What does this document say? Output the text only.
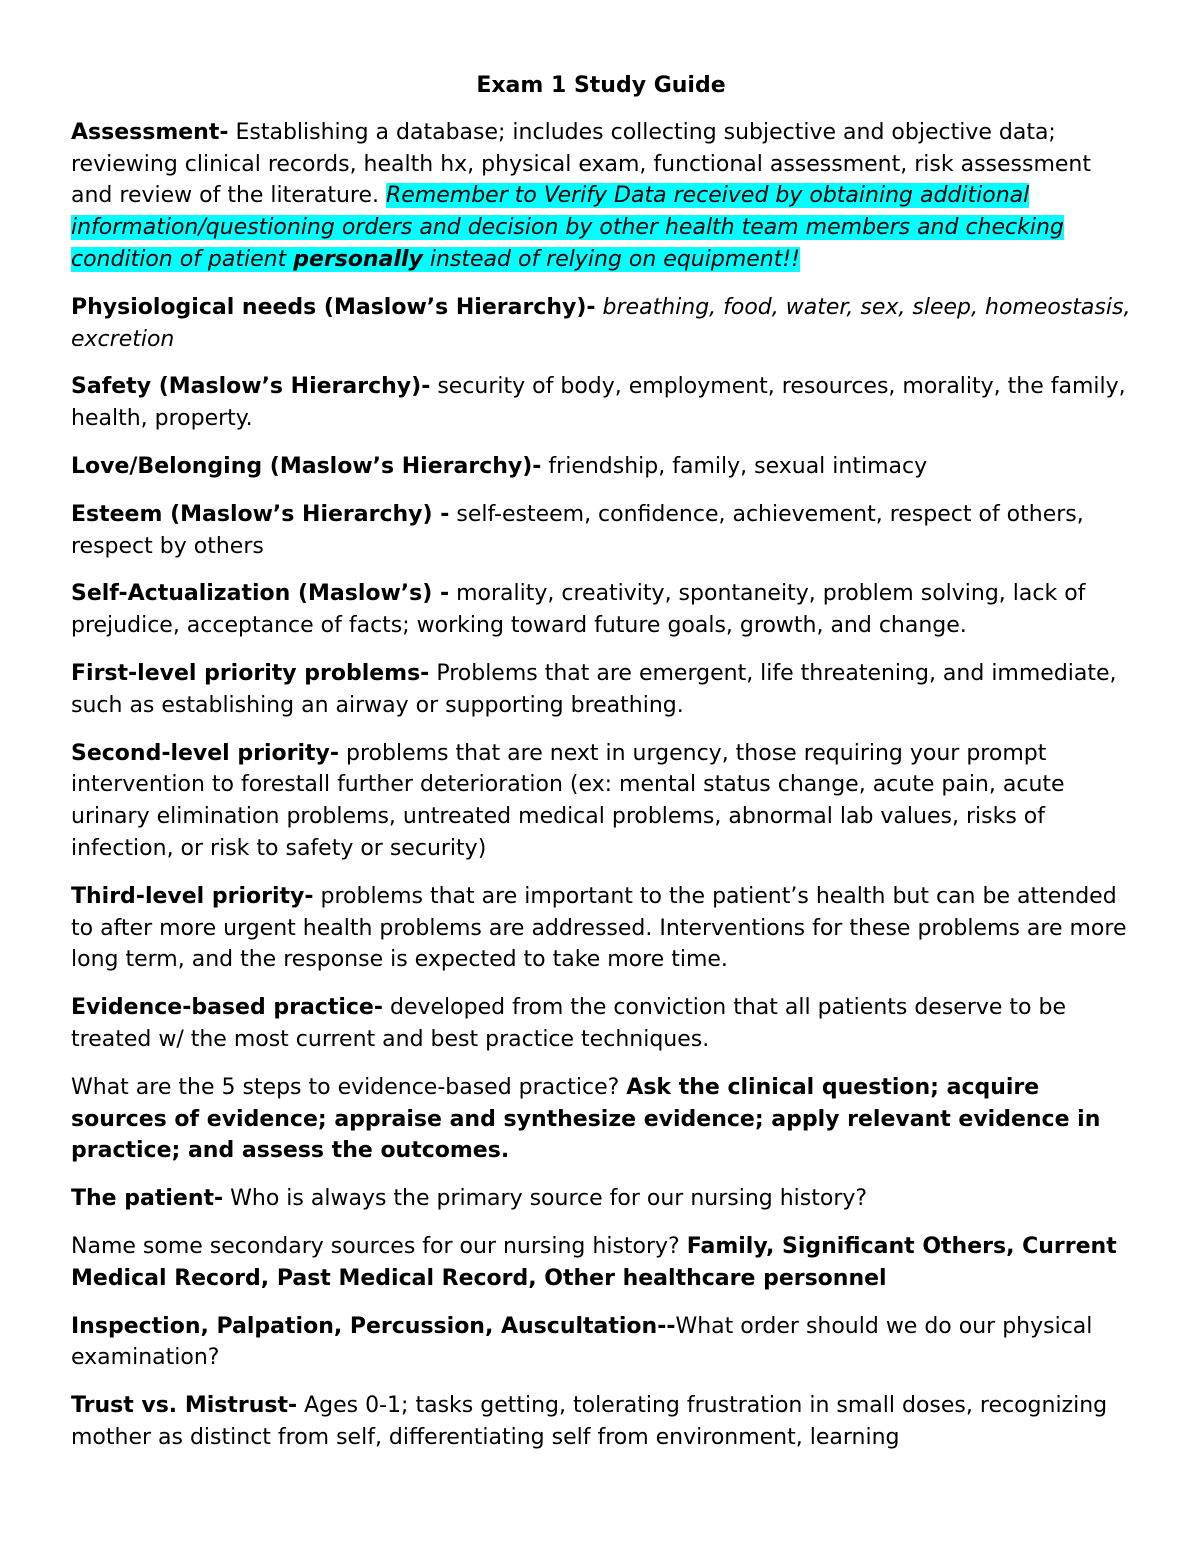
Exam 1 Study Guide

Assessment- Establishing a database; includes collecting subjective and objective data; reviewing clinical records, health hx, physical exam, functional assessment, risk assessment and review of the literature. Remember to Verify Data received by obtaining additional information/questioning orders and decision by other health team members and checking condition of patient personally instead of relying on equipment!!

Physiological needs (Maslow’s Hierarchy)- breathing, food, water, sex, sleep, homeostasis, excretion

Safety (Maslow’s Hierarchy)- security of body, employment, resources, morality, the family, health, property.

Love/Belonging (Maslow’s Hierarchy)- friendship, family, sexual intimacy

Esteem (Maslow’s Hierarchy) - self-esteem, confidence, achievement, respect of others, respect by others

Self-Actualization (Maslow’s) - morality, creativity, spontaneity, problem solving, lack of prejudice, acceptance of facts; working toward future goals, growth, and change.

First-level priority problems- Problems that are emergent, life threatening, and immediate, such as establishing an airway or supporting breathing.

Second-level priority- problems that are next in urgency, those requiring your prompt intervention to forestall further deterioration (ex: mental status change, acute pain, acute urinary elimination problems, untreated medical problems, abnormal lab values, risks of infection, or risk to safety or security)

Third-level priority- problems that are important to the patient’s health but can be attended to after more urgent health problems are addressed. Interventions for these problems are more long term, and the response is expected to take more time.

Evidence-based practice- developed from the conviction that all patients deserve to be treated w/ the most current and best practice techniques.

What are the 5 steps to evidence-based practice? Ask the clinical question; acquire sources of evidence; appraise and synthesize evidence; apply relevant evidence in practice; and assess the outcomes.

The patient- Who is always the primary source for our nursing history?

Name some secondary sources for our nursing history? Family, Significant Others, Current Medical Record, Past Medical Record, Other healthcare personnel

Inspection, Palpation, Percussion, Auscultation--What order should we do our physical examination?

Trust vs. Mistrust- Ages 0-1; tasks getting, tolerating frustration in small doses, recognizing mother as distinct from self, differentiating self from environment, learning
